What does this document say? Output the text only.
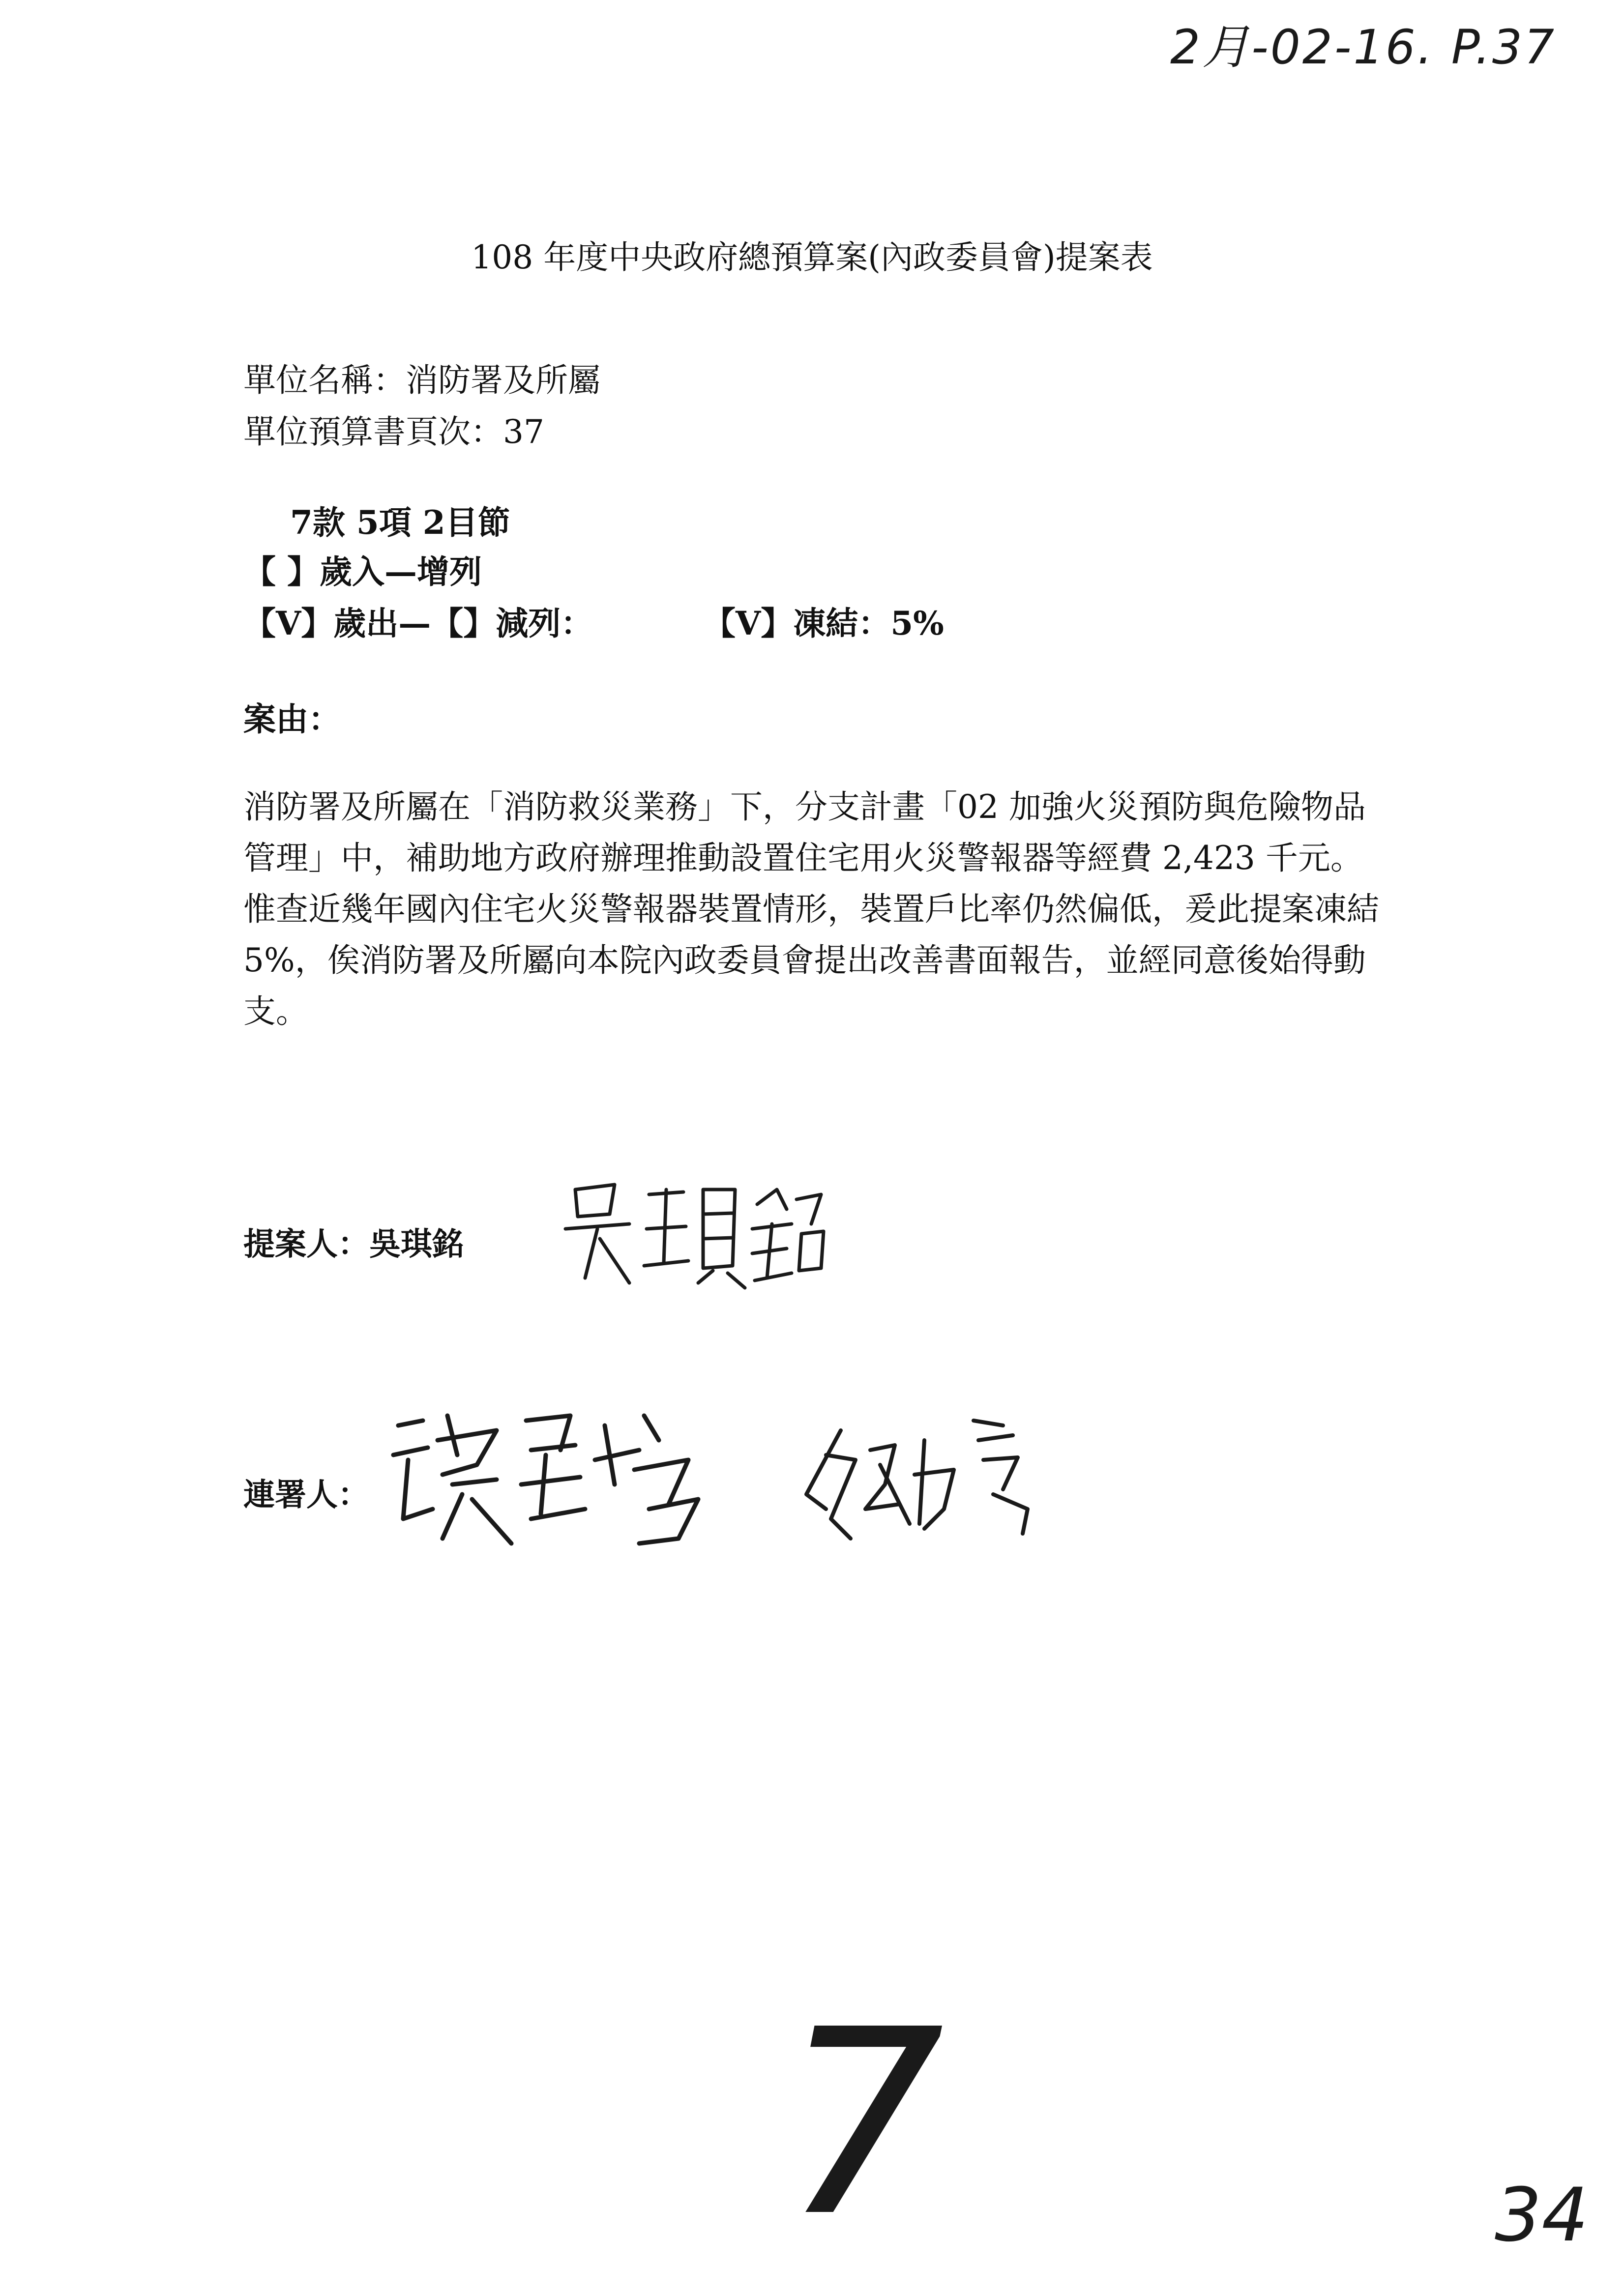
2月-02-16. P.37
108 年度中央政府總預算案(內政委員會)提案表
單位名稱：消防署及所屬
單位預算書頁次：37
7款 5項 2目節
【 】歲入—增列
【V】歲出—【】減列：	【V】凍結：5%
案由：

消防署及所屬在「消防救災業務」下，分支計畫「02 加強火災預防與危險物品管理」中，補助地方政府辦理推動設置住宅用火災警報器等經費 2,423 千元。

惟查近幾年國內住宅火災警報器裝置情形，裝置戶比率仍然偏低，爰此提案凍結 5%，俟消防署及所屬向本院內政委員會提出改善書面報告，並經同意後始得動支。

提案人：吳琪銘
連署人：
7	34
